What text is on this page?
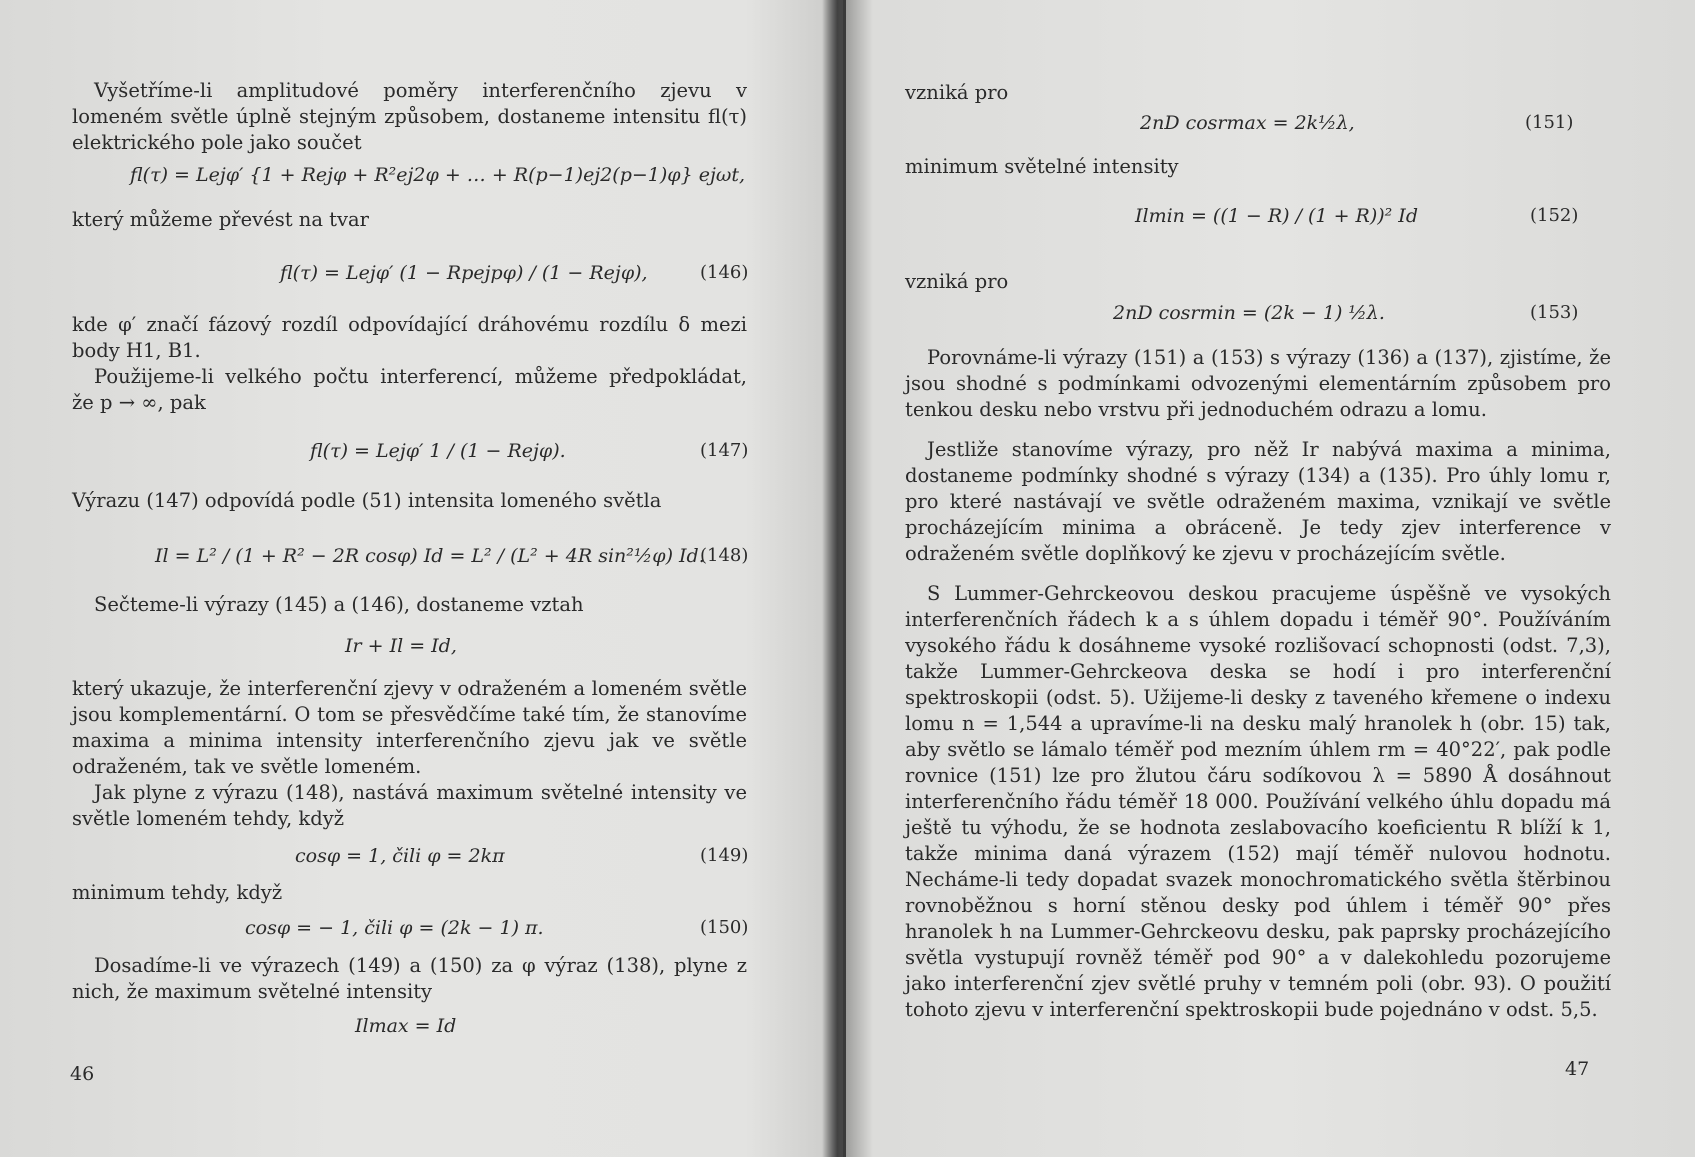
Vyšetříme-li amplitudové poměry interferenčního zjevu v lomeném světle úplně stejným způsobem, dostaneme intensitu fl(τ) elektrického pole jako součet

fl(τ) = Lejφ′ {1 + Rejφ + R²ej2φ + … + R(p−1)ej2(p−1)φ} ejωt,

který můžeme převést na tvar

fl(τ) = Lejφ′ (1 − Rpejpφ) / (1 − Rejφ),	(146)

kde φ′ značí fázový rozdíl odpovídající dráhovému rozdílu δ mezi body H1, B1.

Použijeme-li velkého počtu interferencí, můžeme předpokládat, že p → ∞, pak

fl(τ) = Lejφ′ 1 / (1 − Rejφ).	(147)

Výrazu (147) odpovídá podle (51) intensita lomeného světla

Il = L² / (1 + R² − 2R cosφ) Id = L² / (L² + 4R sin²½φ) Id.
(148)

Sečteme-li výrazy (145) a (146), dostaneme vztah

Ir + Il = Id,

který ukazuje, že interferenční zjevy v odraženém a lomeném světle jsou komplementární. O tom se přesvědčíme také tím, že stanovíme maxima a minima intensity interferenčního zjevu jak ve světle odraženém, tak ve světle lomeném.

Jak plyne z výrazu (148), nastává maximum světelné intensity ve světle lomeném tehdy, když

cosφ = 1, čili φ = 2kπ	(149)

minimum tehdy, když

cosφ = − 1, čili φ = (2k − 1) π.	(150)

Dosadíme-li ve výrazech (149) a (150) za φ výraz (138), plyne z nich, že maximum světelné intensity

Ilmax = Id
46

vzniká pro

2nD cosrmax = 2k½λ,	(151)

minimum světelné intensity

Ilmin = ((1 − R) / (1 + R))² Id	(152)

vzniká pro

2nD cosrmin = (2k − 1) ½λ.	(153)

Porovnáme-li výrazy (151) a (153) s výrazy (136) a (137), zjistíme, že jsou shodné s podmínkami odvozenými elementárním způsobem pro tenkou desku nebo vrstvu při jednoduchém odrazu a lomu.

Jestliže stanovíme výrazy, pro něž Ir nabývá maxima a minima, dostaneme podmínky shodné s výrazy (134) a (135). Pro úhly lomu r, pro které nastávají ve světle odraženém maxima, vznikají ve světle procházejícím minima a obráceně. Je tedy zjev interference v odraženém světle doplňkový ke zjevu v procházejícím světle.

S Lummer-Gehrckeovou deskou pracujeme úspěšně ve vysokých interferenčních řádech k a s úhlem dopadu i téměř 90°. Používáním vysokého řádu k dosáhneme vysoké rozlišovací schopnosti (odst. 7,3), takže Lummer-Gehrckeova deska se hodí i pro interferenční spektroskopii (odst. 5). Užijeme-li desky z taveného křemene o indexu lomu n = 1,544 a upravíme-li na desku malý hranolek h (obr. 15) tak, aby světlo se lámalo téměř pod mezním úhlem rm = 40°22′, pak podle rovnice (151) lze pro žlutou čáru sodíkovou λ = 5890 Å dosáhnout interferenčního řádu téměř 18 000. Používání velkého úhlu dopadu má ještě tu výhodu, že se hodnota zeslabovacího koeficientu R blíží k 1, takže minima daná výrazem (152) mají téměř nulovou hodnotu. Necháme-li tedy dopadat svazek monochromatického světla štěrbinou rovnoběžnou s horní stěnou desky pod úhlem i téměř 90° přes hranolek h na Lummer-Gehrckeovu desku, pak paprsky procházejícího světla vystupují rovněž téměř pod 90° a v dalekohledu pozorujeme jako interferenční zjev světlé pruhy v temném poli (obr. 93). O použití tohoto zjevu v interferenční spektroskopii bude pojednáno v odst. 5,5.

47
